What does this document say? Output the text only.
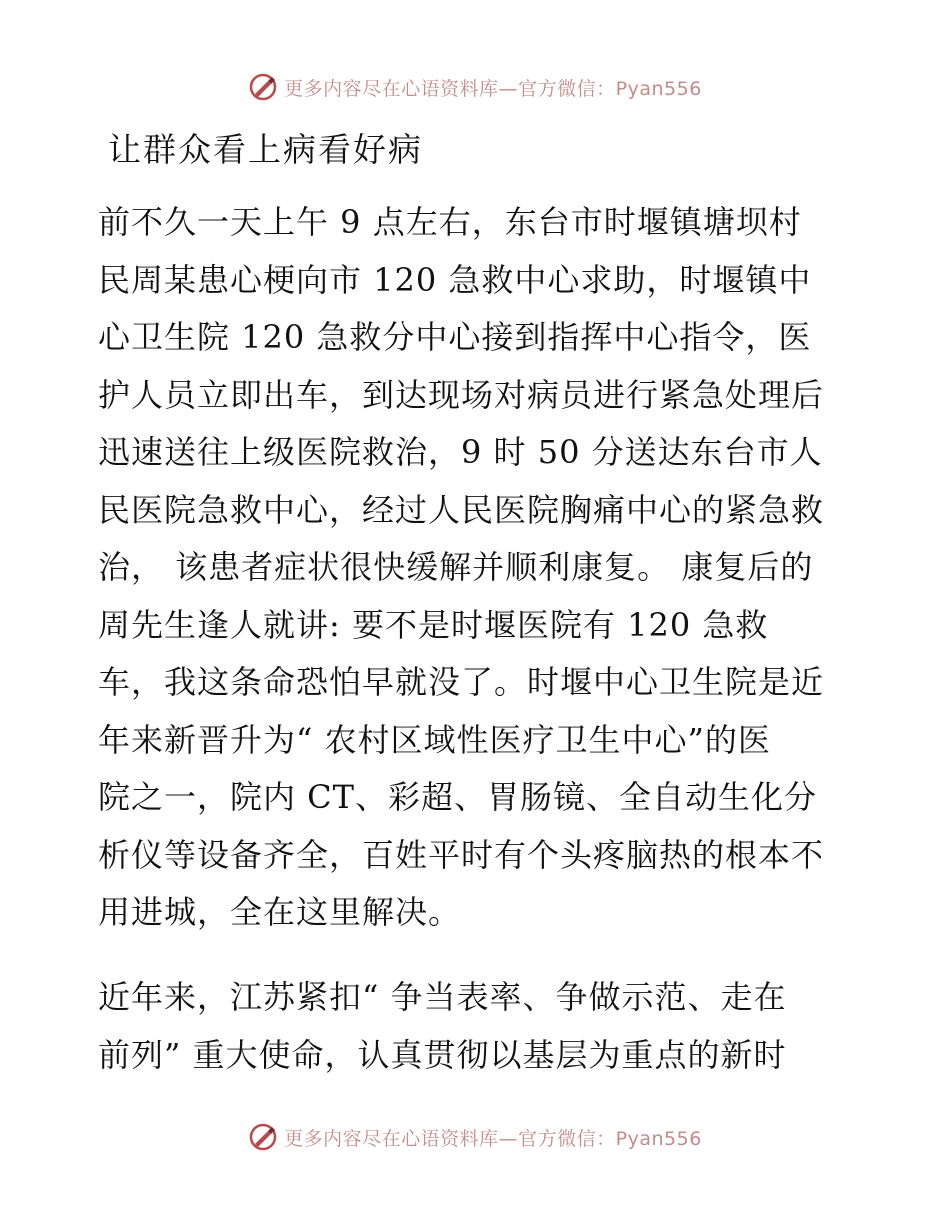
更多内容尽在心语资料库—官方微信：Pyan556
让群众看上病看好病
前不久一天上午 9 点左右，东台市时堰镇塘坝村
民周某患心梗向市 120 急救中心求助，时堰镇中
心卫生院 120 急救分中心接到指挥中心指令，医
护人员立即出车，到达现场对病员进行紧急处理后
迅速送往上级医院救治，9 时 50 分送达东台市人
民医院急救中心，经过人民医院胸痛中心的紧急救
治， 该患者症状很快缓解并顺利康复。 康复后的
周先生逢人就讲: 要不是时堰医院有 120 急救
车，我这条命恐怕早就没了。时堰中心卫生院是近
年来新晋升为“ 农村区域性医疗卫生中心”的医
院之一，院内 CT、彩超、胃肠镜、全自动生化分
析仪等设备齐全，百姓平时有个头疼脑热的根本不
用进城，全在这里解决。
近年来，江苏紧扣“ 争当表率、争做示范、走在
前列” 重大使命，认真贯彻以基层为重点的新时
更多内容尽在心语资料库—官方微信：Pyan556
